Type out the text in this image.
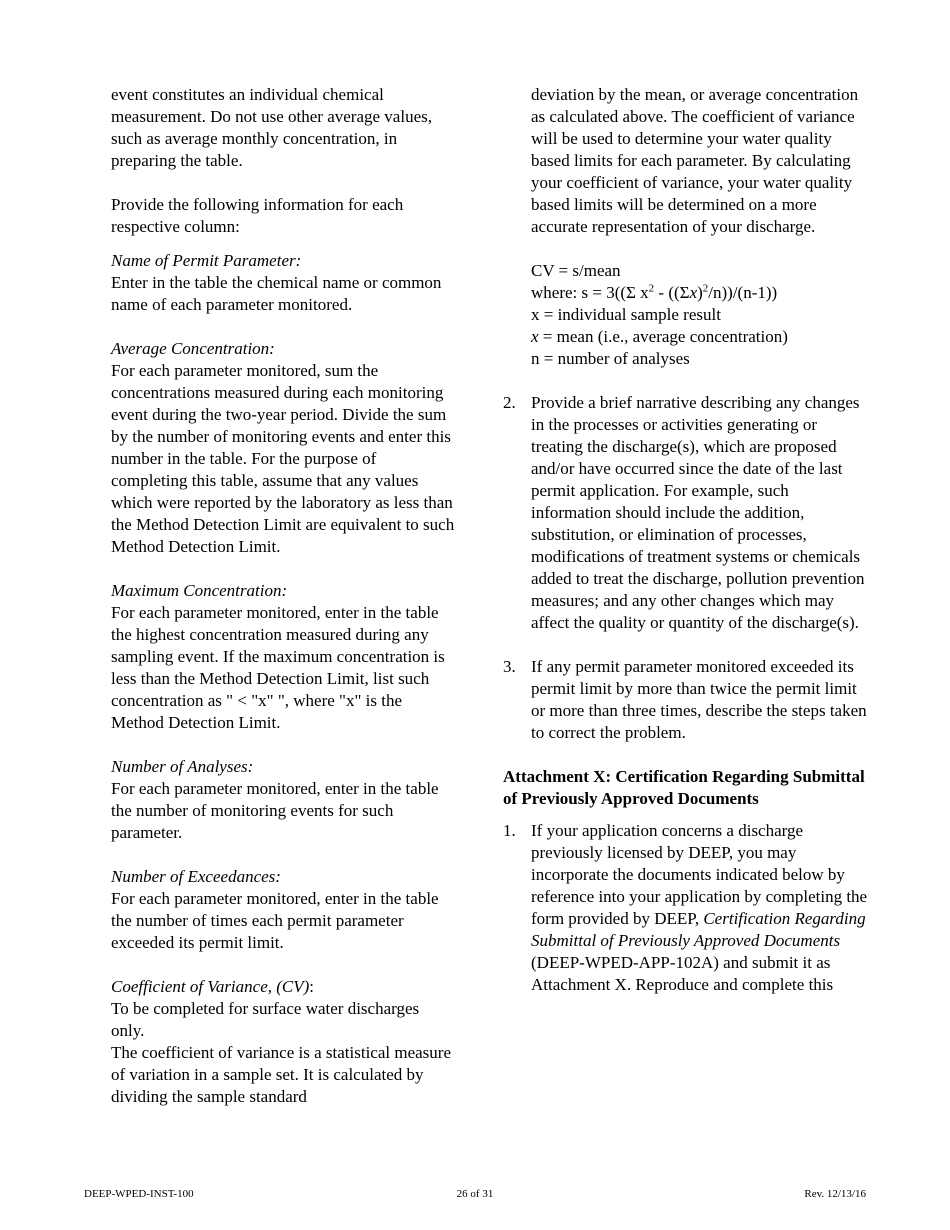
event constitutes an individual chemical measurement. Do not use other average values, such as average monthly concentration, in preparing the table.

Provide the following information for each respective column:

Name of Permit Parameter:

Enter in the table the chemical name or common name of each parameter monitored.

Average Concentration:

For each parameter monitored, sum the concentrations measured during each monitoring event during the two-year period. Divide the sum by the number of monitoring events and enter this number in the table. For the purpose of completing this table, assume that any values which were reported by the laboratory as less than the Method Detection Limit are equivalent to such Method Detection Limit.

Maximum Concentration:

For each parameter monitored, enter in the table the highest concentration measured during any sampling event. If the maximum concentration is less than the Method Detection Limit, list such concentration as " < "x" ", where "x" is the Method Detection Limit.

Number of Analyses:

For each parameter monitored, enter in the table the number of monitoring events for such parameter.

Number of Exceedances:

For each parameter monitored, enter in the table the number of times each permit parameter exceeded its permit limit.

Coefficient of Variance, (CV):

To be completed for surface water discharges only.

The coefficient of variance is a statistical measure of variation in a sample set. It is calculated by dividing the sample standard

deviation by the mean, or average concentration as calculated above. The coefficient of variance will be used to determine your water quality based limits for each parameter. By calculating your coefficient of variance, your water quality based limits will be determined on a more accurate representation of your discharge.

CV = s/mean

where: s = 3((Σ $x^2 - ((\Sigma x)^2/n))/(n-1)$)

x = individual sample result

x = mean (i.e., average concentration)

n = number of analyses

2. Provide a brief narrative describing any changes in the processes or activities generating or treating the discharge(s), which are proposed and/or have occurred since the date of the last permit application. For example, such information should include the addition, substitution, or elimination of processes, modifications of treatment systems or chemicals added to treat the discharge, pollution prevention measures; and any other changes which may affect the quality or quantity of the discharge(s).
3. If any permit parameter monitored exceeded its permit limit by more than twice the permit limit or more than three times, describe the steps taken to correct the problem.

Attachment X: Certification Regarding Submittal of Previously Approved Documents

1. If your application concerns a discharge previously licensed by DEEP, you may incorporate the documents indicated below by reference into your application by completing the form provided by DEEP, Certification Regarding Submittal of Previously Approved Documents (DEEP-WPED-APP-102A) and submit it as Attachment X. Reproduce and complete this
DEEP-WPED-INST-100	26 of 31	Rev. 12/13/16
